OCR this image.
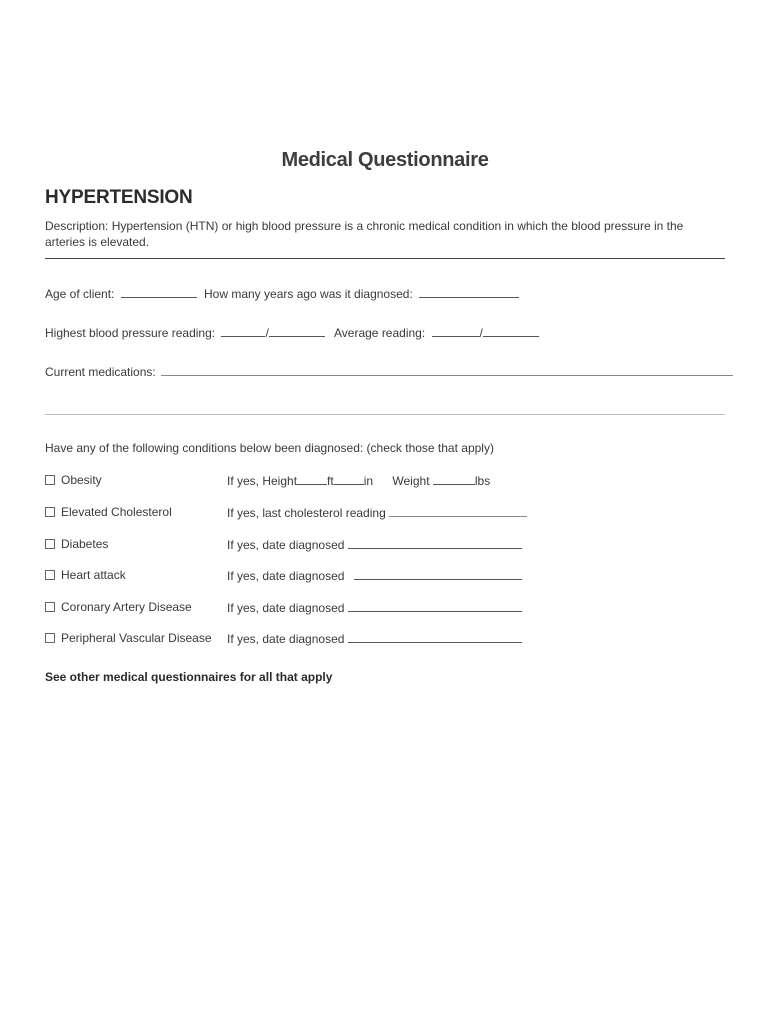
Medical Questionnaire
HYPERTENSION
Description: Hypertension (HTN) or high blood pressure is a chronic medical condition in which the blood pressure in the arteries is elevated.
Age of client:	How many years ago was it diagnosed:
Highest blood pressure reading:	/	Average reading:	/
Current medications:
Have any of the following conditions below been diagnosed: (check those that apply)
Obesity	If yes, Height	ft	in Weight	lbs
Elevated Cholesterol	If yes, last cholesterol reading
Diabetes	If yes, date diagnosed
Heart attack	If yes, date diagnosed
Coronary Artery Disease	If yes, date diagnosed
Peripheral Vascular Disease If yes, date diagnosed
See other medical questionnaires for all that apply
